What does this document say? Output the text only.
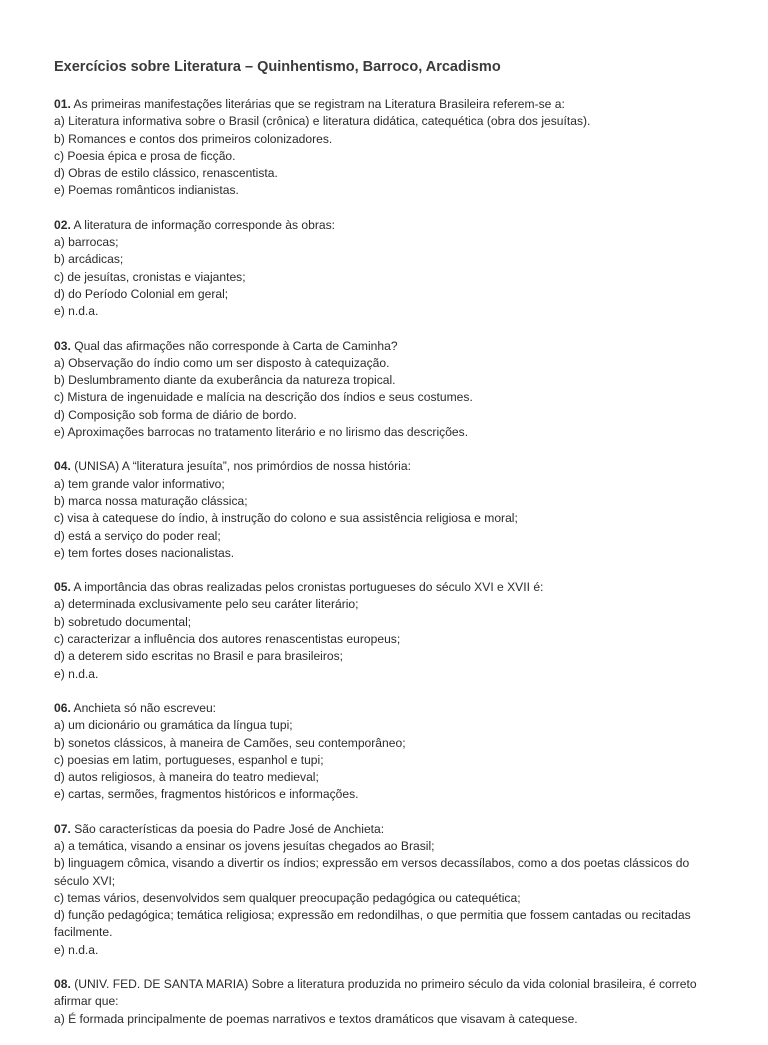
Exercícios sobre Literatura – Quinhentismo, Barroco, Arcadismo

01. As primeiras manifestações literárias que se registram na Literatura Brasileira referem-se a:

a) Literatura informativa sobre o Brasil (crônica) e literatura didática, catequética (obra dos jesuítas).

b) Romances e contos dos primeiros colonizadores.

c) Poesia épica e prosa de ficção.

d) Obras de estilo clássico, renascentista.

e) Poemas românticos indianistas.

02. A literatura de informação corresponde às obras:

a) barrocas;

b) arcádicas;

c) de jesuítas, cronistas e viajantes;

d) do Período Colonial em geral;

e) n.d.a.

03. Qual das afirmações não corresponde à Carta de Caminha?

a) Observação do índio como um ser disposto à catequização.

b) Deslumbramento diante da exuberância da natureza tropical.

c) Mistura de ingenuidade e malícia na descrição dos índios e seus costumes.

d) Composição sob forma de diário de bordo.

e) Aproximações barrocas no tratamento literário e no lirismo das descrições.

04. (UNISA) A “literatura jesuíta”, nos primórdios de nossa história:

a) tem grande valor informativo;

b) marca nossa maturação clássica;

c) visa à catequese do índio, à instrução do colono e sua assistência religiosa e moral;

d) está a serviço do poder real;

e) tem fortes doses nacionalistas.

05. A importância das obras realizadas pelos cronistas portugueses do século XVI e XVII é:

a) determinada exclusivamente pelo seu caráter literário;

b) sobretudo documental;

c) caracterizar a influência dos autores renascentistas europeus;

d) a deterem sido escritas no Brasil e para brasileiros;

e) n.d.a.

06. Anchieta só não escreveu:

a) um dicionário ou gramática da língua tupi;

b) sonetos clássicos, à maneira de Camões, seu contemporâneo;

c) poesias em latim, portugueses, espanhol e tupi;

d) autos religiosos, à maneira do teatro medieval;

e) cartas, sermões, fragmentos históricos e informações.

07. São características da poesia do Padre José de Anchieta:

a) a temática, visando a ensinar os jovens jesuítas chegados ao Brasil;

b) linguagem cômica, visando a divertir os índios; expressão em versos decassílabos, como a dos poetas clássicos do século XVI;

c) temas vários, desenvolvidos sem qualquer preocupação pedagógica ou catequética;

d) função pedagógica; temática religiosa; expressão em redondilhas, o que permitia que fossem cantadas ou recitadas facilmente.

e) n.d.a.

08. (UNIV. FED. DE SANTA MARIA) Sobre a literatura produzida no primeiro século da vida colonial brasileira, é correto afirmar que:

a) É formada principalmente de poemas narrativos e textos dramáticos que visavam à catequese.
